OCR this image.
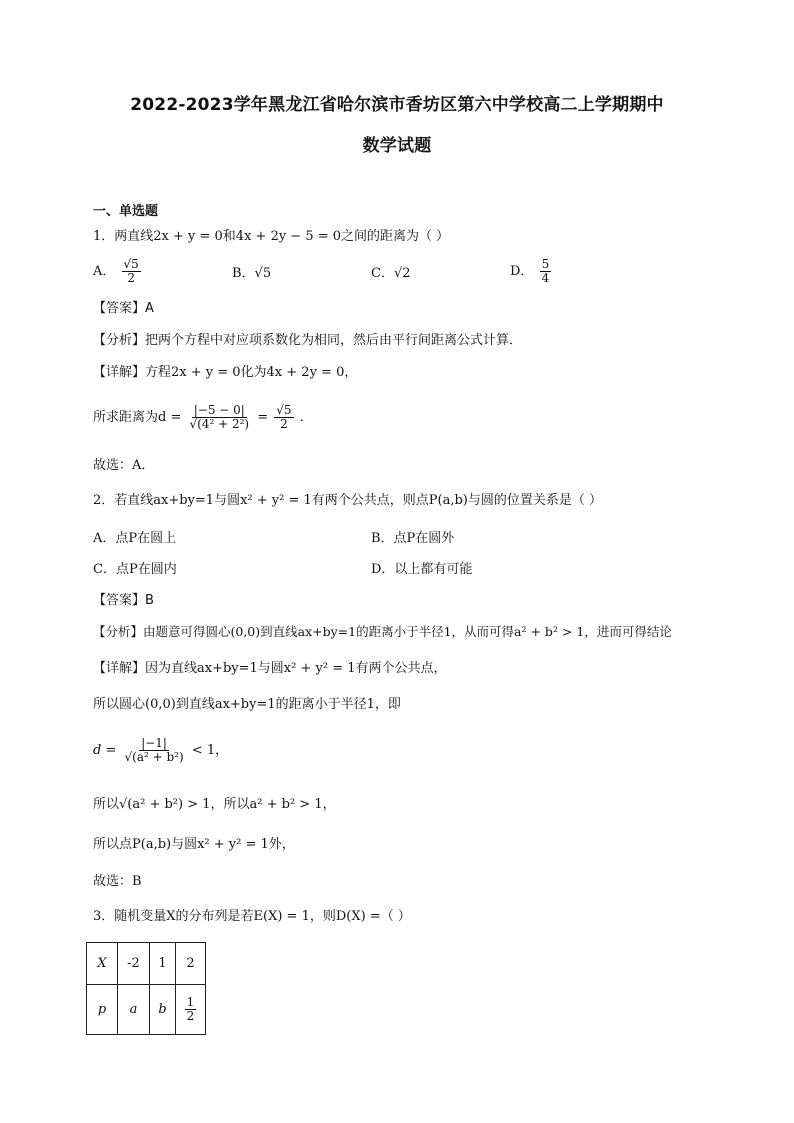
2022-2023学年黑龙江省哈尔滨市香坊区第六中学校高二上学期期中
数学试题
一、单选题
1．两直线2x + y = 0和4x + 2y − 5 = 0之间的距离为（ ）
A． $\frac{√5}{2}$	B．√5	C．√2	D． $\frac{5}{4}$
【答案】A
【分析】把两个方程中对应项系数化为相同，然后由平行间距离公式计算．
【详解】方程2x + y = 0化为4x + 2y = 0，
所求距离为$d = \frac{|-5 - 0|}{\text{√(4² + 2²)}} = \frac{√5}{2}$ ．
故选：A．
2．若直线ax+by=1与圆x² + y² = 1有两个公共点，则点P(a,b)与圆的位置关系是（ ）
A．点P在圆上	B．点P在圆外
C．点P在圆内	D．以上都有可能
【答案】B
【分析】由题意可得圆心(0,0)到直线ax+by=1的距离小于半径1，从而可得a² + b² > 1，进而可得结论
【详解】因为直线ax+by=1与圆x² + y² = 1有两个公共点，
所以圆心(0,0)到直线ax+by=1的距离小于半径1，即
$d = \frac{|-1|}{\text{√(a² + b²)}} < 1$，
所以√(a² + b²) > 1，所以a² + b² > 1，
所以点P(a,b)与圆x² + y² = 1外，
故选：B
3．随机变量X的分布列是若E(X) = 1，则D(X) =（ ）
X	-2	1	2
p	a	b	$\frac{1}{2}$
